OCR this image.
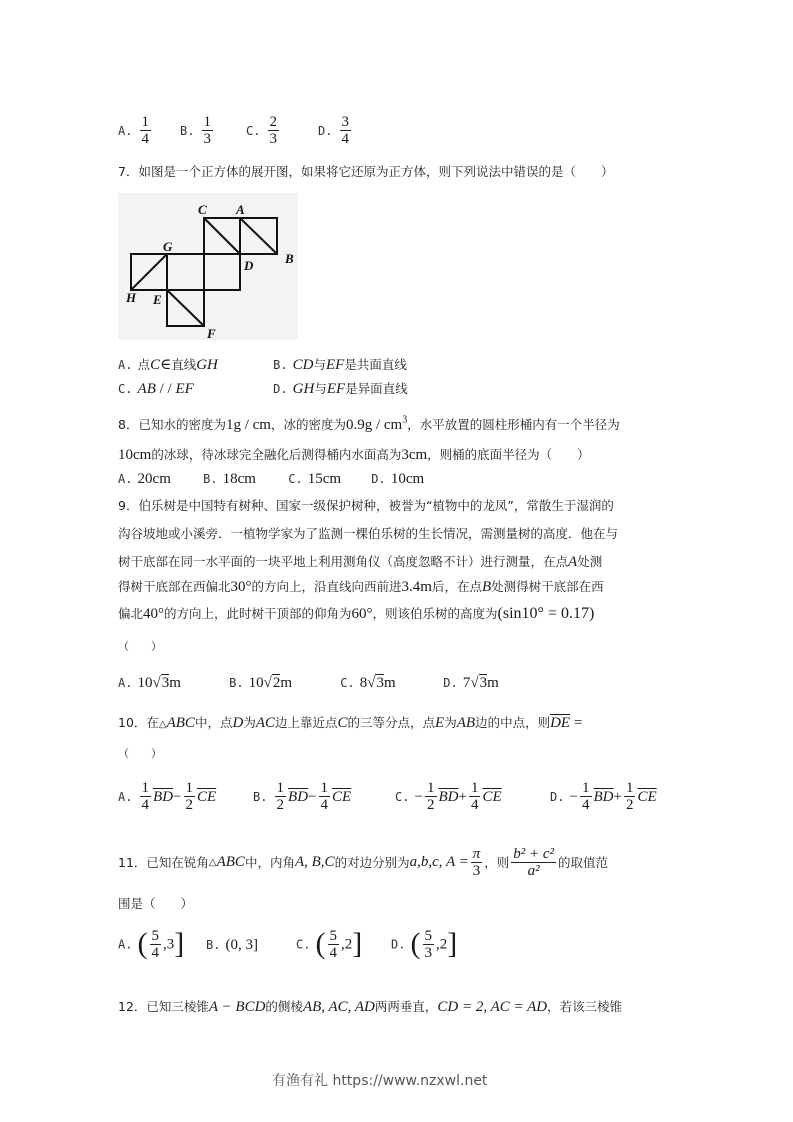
A. $\frac{1}{4} B$. $\frac{1}{3}$	C. $\frac{2}{3}$	D. $\frac{3}{4}$
7．如图是一个正方体的展开图，如果将它还原为正方体，则下列说法中错误的是（　　）
C A
G
D B
H E
F
A. 点C∈直线GH	B. CD与EF是共面直线
C. AB / / EF	D. GH与EF是异面直线
8．已知水的密度为1g / cm，冰的密度为$0.9g / cm^3$，水平放置的圆柱形桶内有一个半径为
10cm的冰球，待冰球完全融化后测得桶内水面高为3cm，则桶的底面半径为（　　）
A. 20cm	B. 18cm	C. 15cm	D. 10cm
9．伯乐树是中国特有树种、国家一级保护树种，被誉为“植物中的龙凤”，常散生于湿润的
沟谷坡地或小溪旁．一植物学家为了监测一棵伯乐树的生长情况，需测量树的高度．他在与
树干底部在同一水平面的一块平地上利用测角仪（高度忽略不计）进行测量，在点A处测
得树干底部在西偏北30°的方向上，沿直线向西前进3.4m后，在点B处测得树干底部在西
偏北40°的方向上，此时树干顶部的仰角为60°，则该伯乐树的高度为(sin10° = 0.17)
（　　）
A. 10√3m	B. 10√2m	C. 8√3m	D. 7√3m
10．在△ABC中，点D为AC边上靠近点C的三等分点，点E为AB边的中点，则$\overline{DE}$ =
（　　）
A. $\frac{1}{4} \overline{BD}- \frac{1}{2} \overline{CE}$	B. $\frac{1}{2} \overline{BD}- \frac{1}{4} \overline{CE}$	C. − $\frac{1}{2} \overline{BD}+ \frac{1}{4} \overline{CE}$	D. − $\frac{1}{4} \overline{BD}+ \frac{1}{2} \overline{CE}$
11．已知在锐角 △ ABC 中，内角 A, B,C 的对边分别为 a,b,c, $A = \frac{\pi}{3}$ ，则 $\frac{\text{b² + c²}}{\text{a²}}$ 的取值范
围是（　　）
A. ( $\frac{5}{4} ,3$]	B. (0, 3]	C. ( $\frac{5}{4} ,2$]	D. ( $\frac{5}{3} ,2$]
12．已知三棱锥A − BCD的侧棱AB, AC, AD两两垂直，CD = 2, AC = AD，若该三棱锥
有渔有礼 https://www.nzxwl.net
